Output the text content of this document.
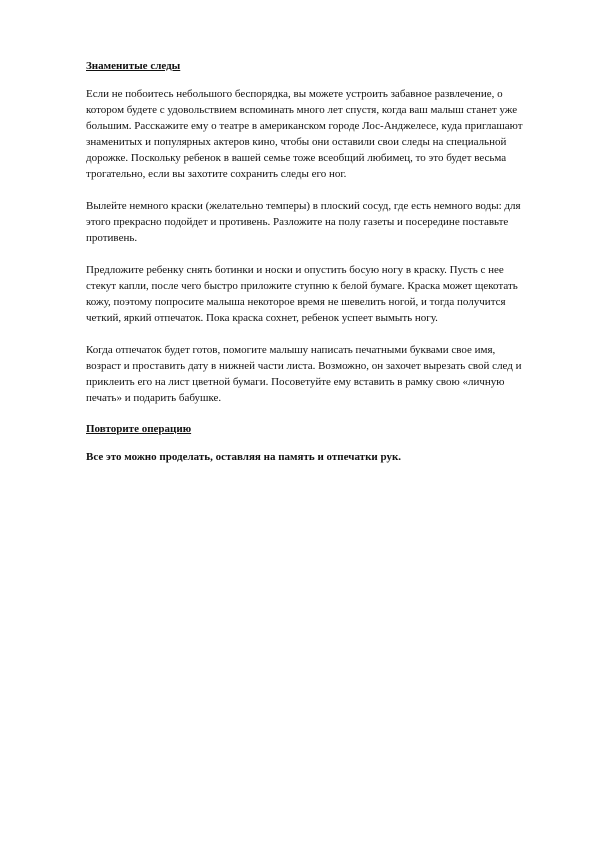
Знаменитые следы

Если не побоитесь небольшого беспорядка, вы можете устроить забавное развлечение, о котором будете с удовольствием вспоминать много лет спустя, когда ваш малыш станет уже большим. Расскажите ему о театре в американском городе Лос-Анджелесе, куда приглашают знаменитых и популярных актеров кино, чтобы они оставили свои следы на специальной дорожке. Поскольку ребенок в вашей семье тоже всеобщий любимец, то это будет весьма трогательно, если вы захотите сохранить следы его ног.

Вылейте немного краски (желательно темперы) в плоский сосуд, где есть немного воды: для этого прекрасно подойдет и противень. Разложите на полу газеты и посередине поставьте противень.

Предложите ребенку снять ботинки и носки и опустить босую ногу в краску. Пусть с нее стекут капли, после чего быстро приложите ступню к белой бумаге. Краска может щекотать кожу, поэтому попросите малыша некоторое время не шевелить ногой, и тогда получится четкий, яркий отпечаток. Пока краска сохнет, ребенок успеет вымыть ногу.

Когда отпечаток будет готов, помогите малышу написать печатными буквами свое имя, возраст и проставить дату в нижней части листа. Возможно, он захочет вырезать свой след и приклеить его на лист цветной бумаги. Посоветуйте ему вставить в рамку свою «личную печать» и подарить бабушке.

Повторите операцию

Все это можно проделать, оставляя на память и отпечатки рук.
